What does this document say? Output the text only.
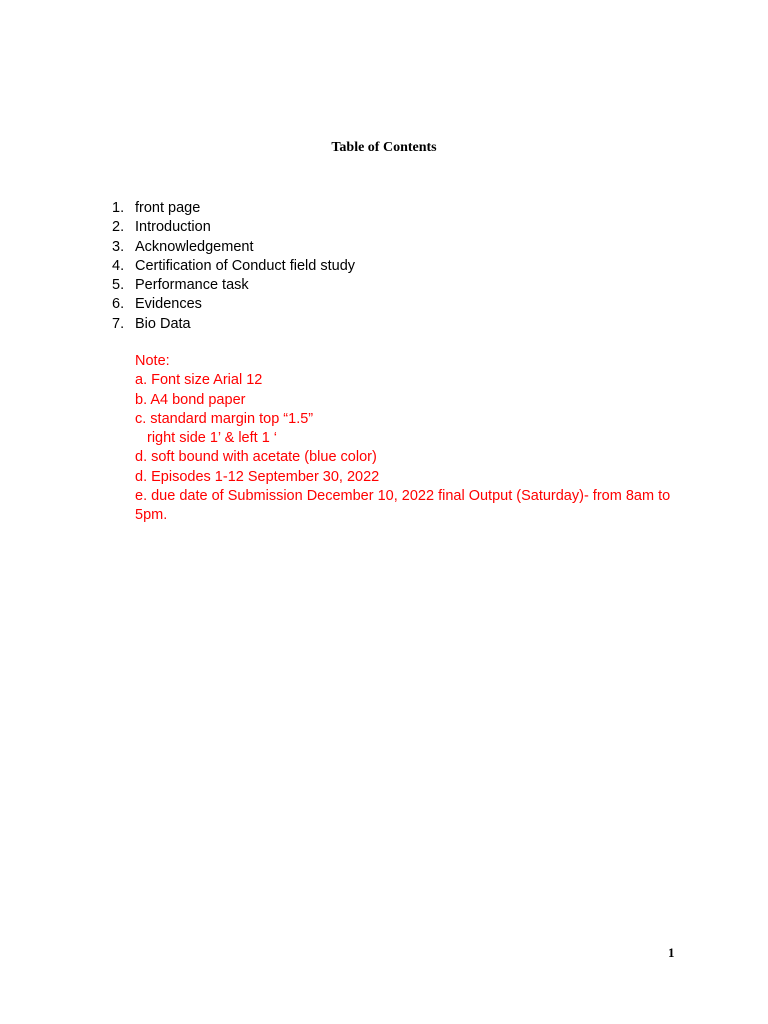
Table of Contents
1. front page
2. Introduction
3. Acknowledgement
4. Certification of Conduct field study
5. Performance task
6. Evidences
7. Bio Data
Note:
a. Font size Arial 12
b. A4 bond paper
c. standard margin top “1.5”
right side 1’ & left 1 ‘
d. soft bound with acetate (blue color)
d. Episodes 1-12 September 30, 2022
e. due date of Submission December 10, 2022 final Output (Saturday)- from 8am to 5pm.
1
